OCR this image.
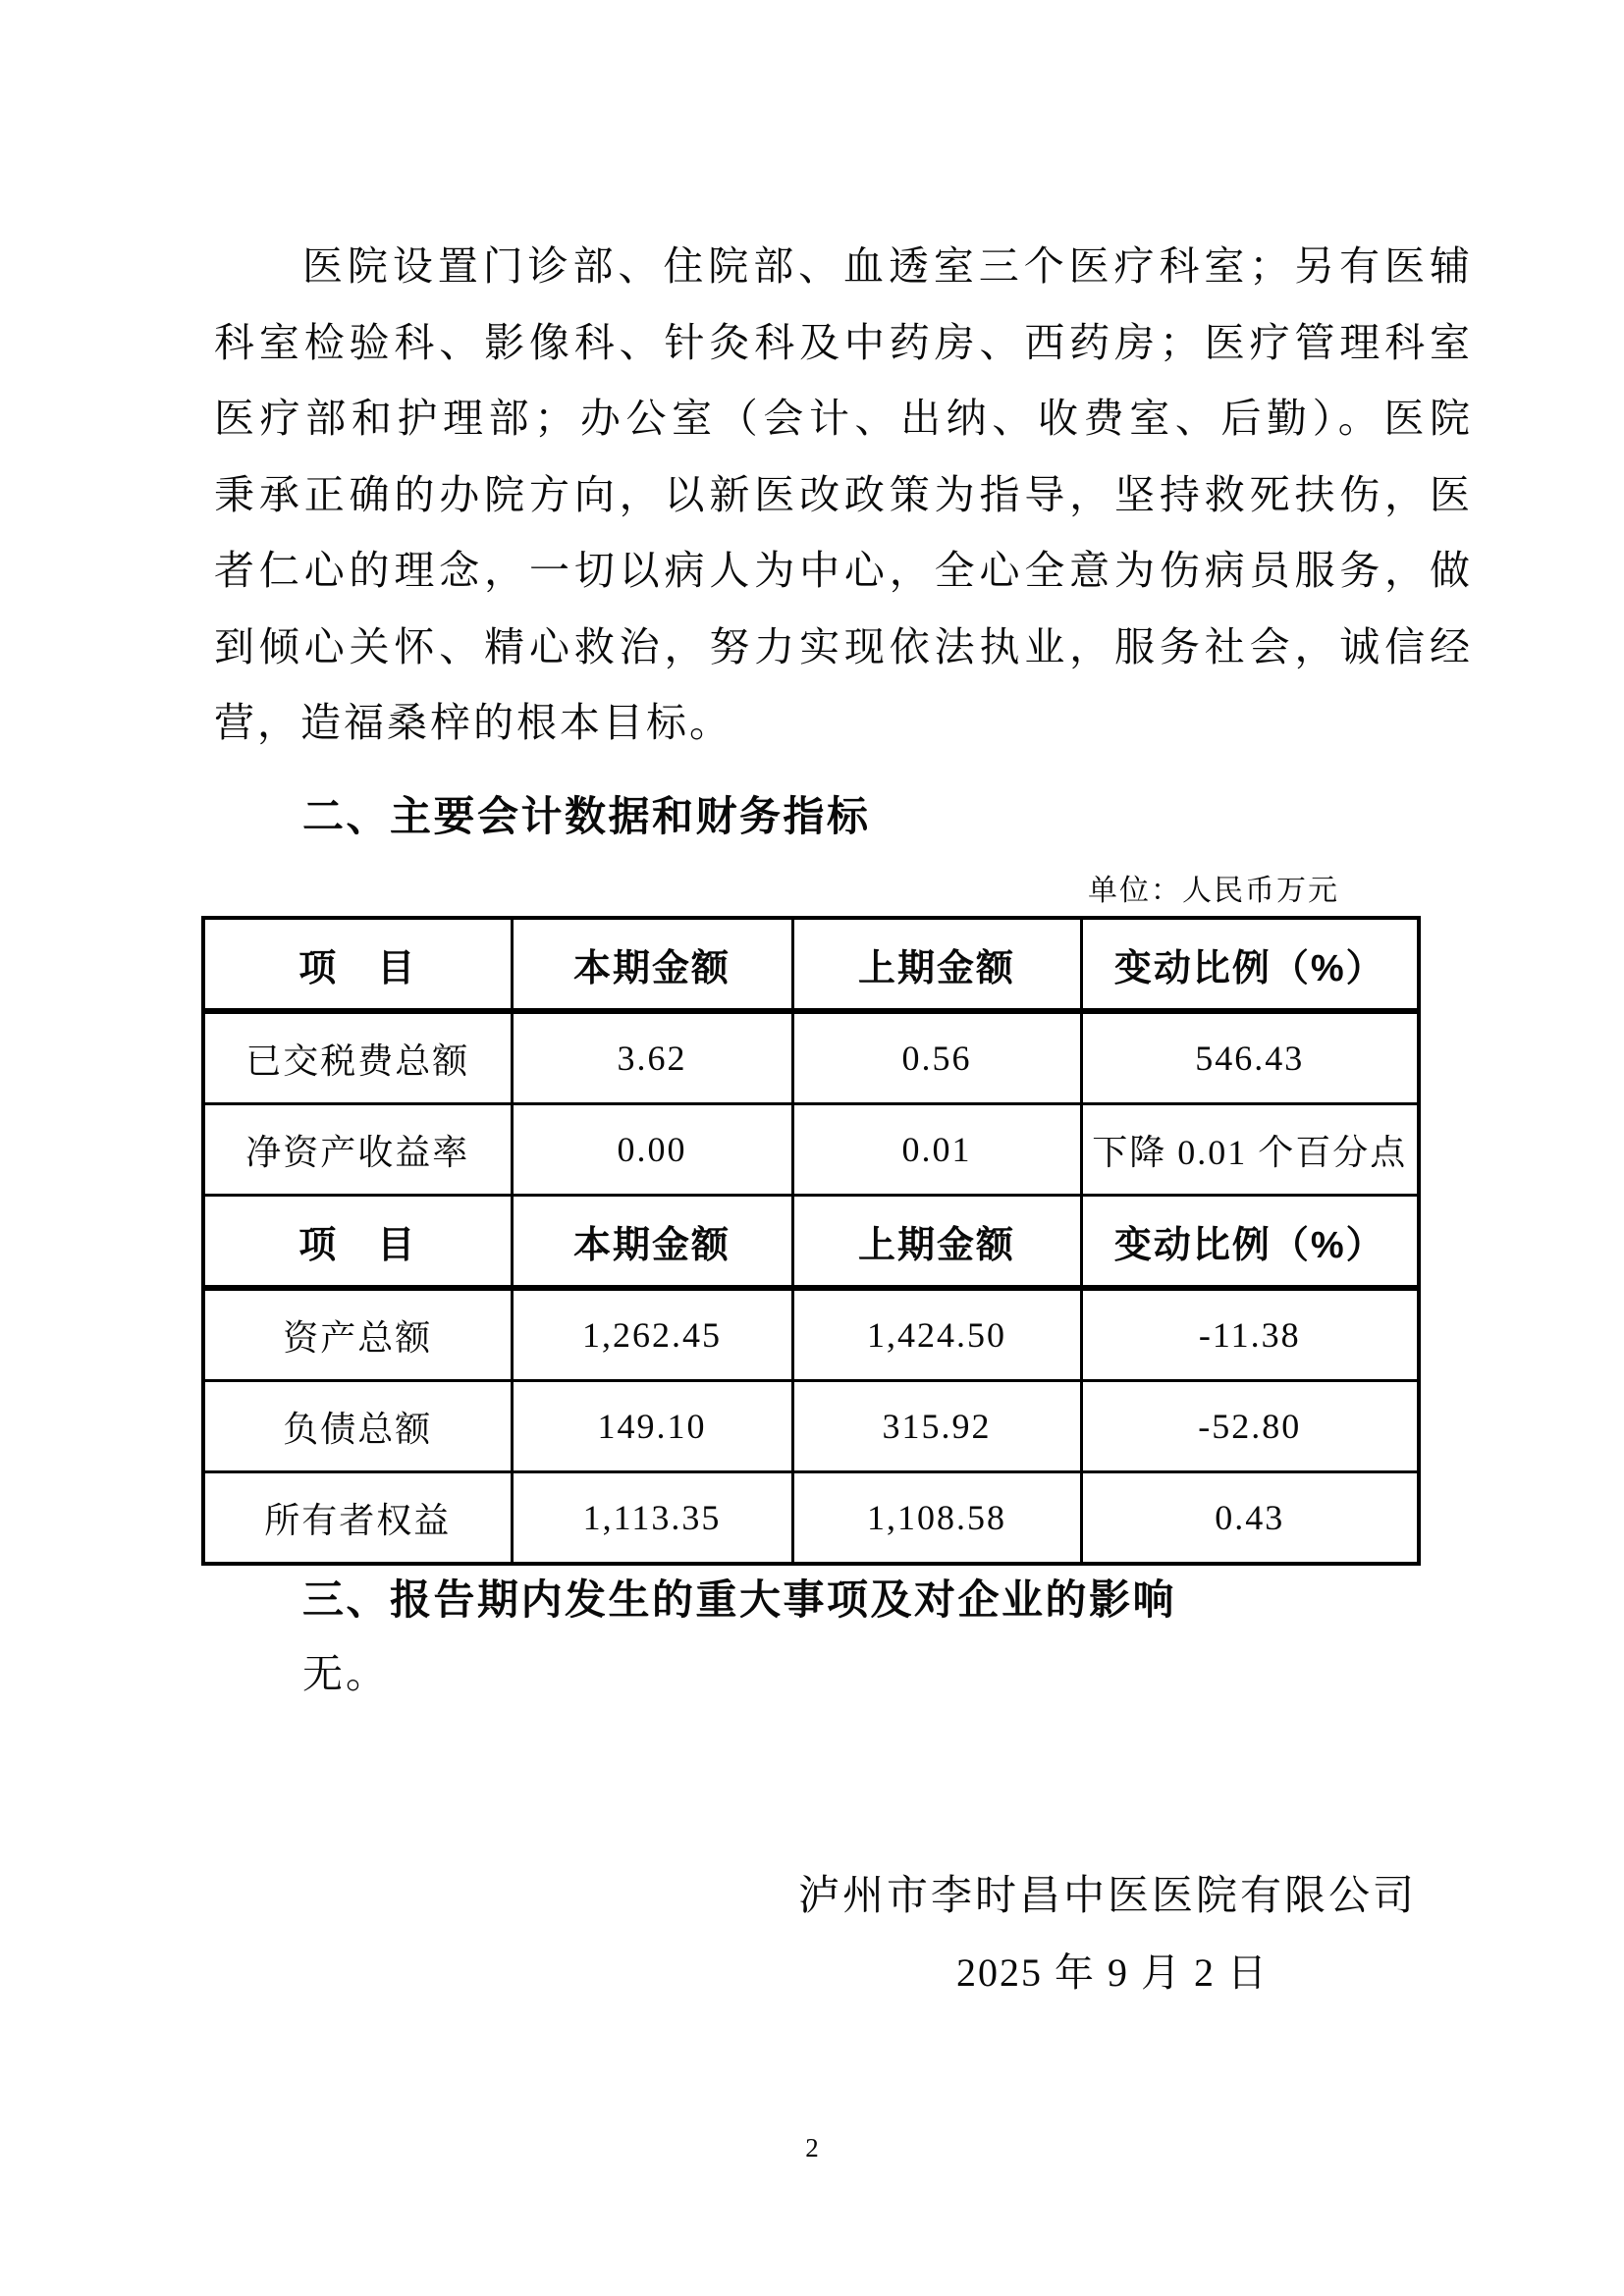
医院设置门诊部、住院部、血透室三个医疗科室；另有医辅
科室检验科、影像科、针灸科及中药房、西药房；医疗管理科室
医疗部和护理部；办公室（会计、出纳、收费室、后勤）。医院
秉承正确的办院方向，以新医改政策为指导，坚持救死扶伤，医
者仁心的理念，一切以病人为中心，全心全意为伤病员服务，做
到倾心关怀、精心救治，努力实现依法执业，服务社会，诚信经
营，造福桑梓的根本目标。
二、主要会计数据和财务指标
单位：人民币万元
项　目	本期金额	上期金额	变动比例（%）
已交税费总额	3.62	0.56	546.43
净资产收益率	0.00	0.01	下降 0.01 个百分点
项　目	本期金额	上期金额	变动比例（%）
资产总额	1,262.45	1,424.50	-11.38
负债总额	149.10	315.92	-52.80
所有者权益	1,113.35	1,108.58	0.43
三、报告期内发生的重大事项及对企业的影响
无。
泸州市李时昌中医医院有限公司
2025 年 9 月 2 日
2
